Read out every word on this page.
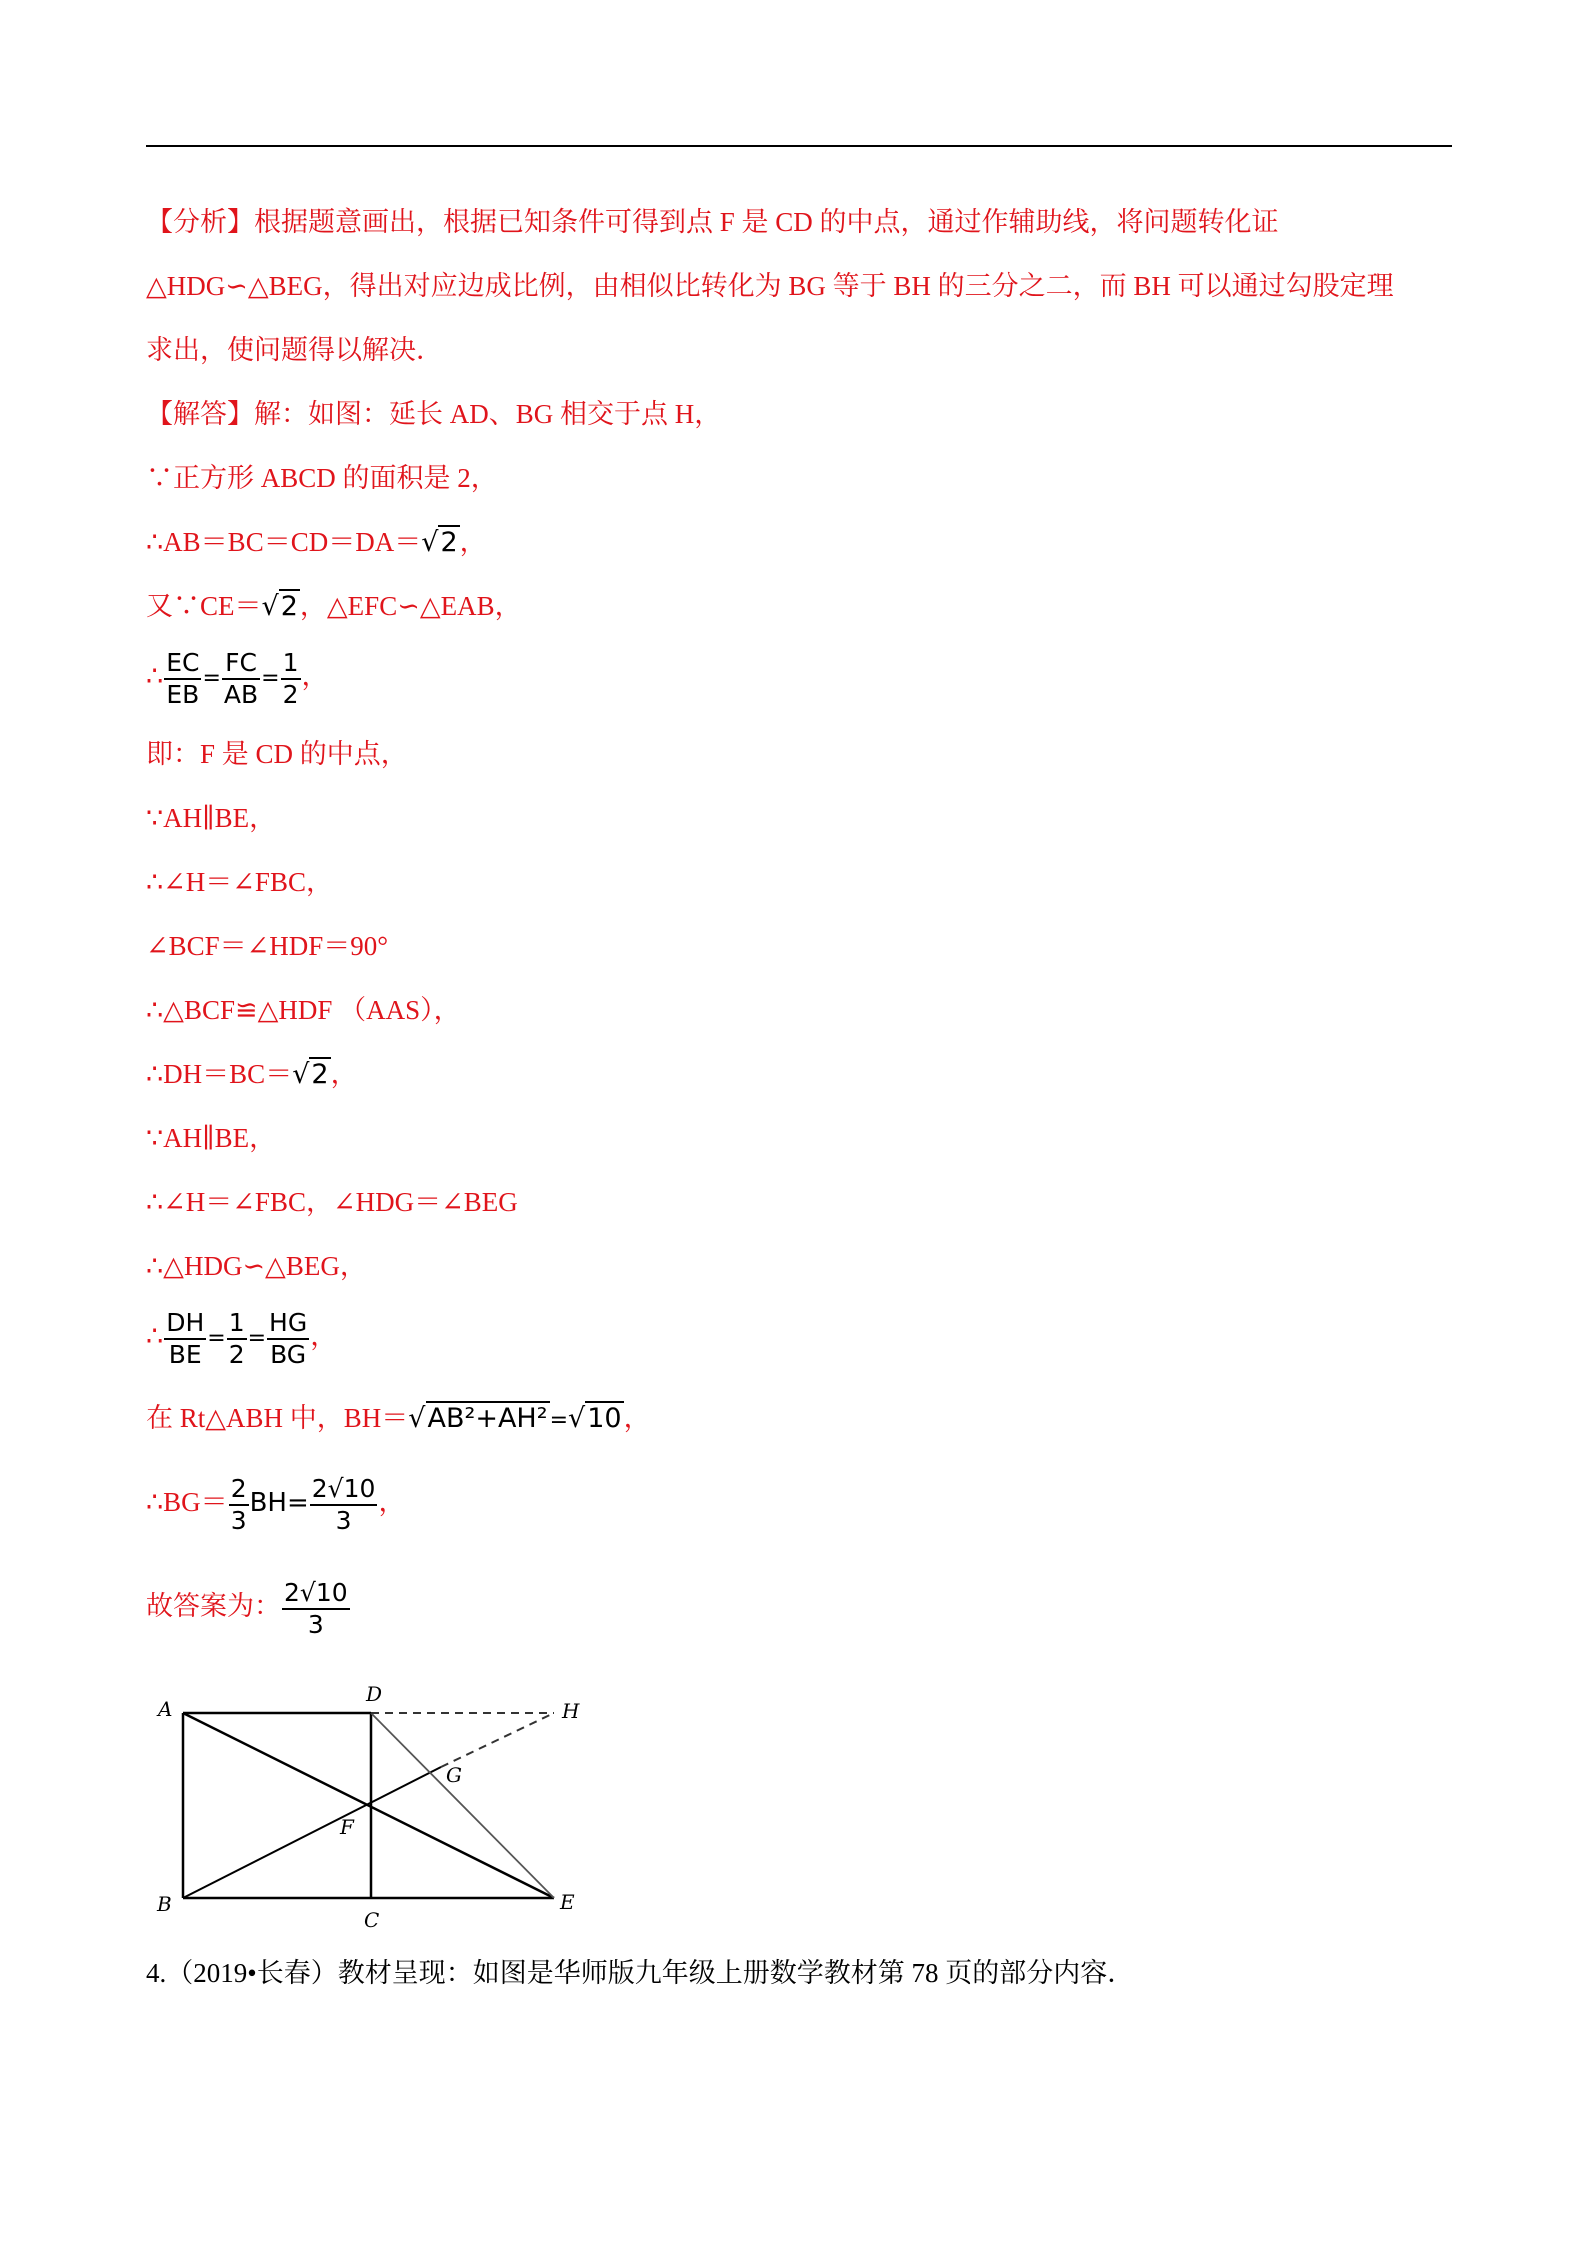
【分析】根据题意画出，根据已知条件可得到点 F 是 CD 的中点，通过作辅助线，将问题转化证
△HDG∽△BEG，得出对应边成比例，由相似比转化为 BG 等于 BH 的三分之二，而 BH 可以通过勾股定理
求出，使问题得以解决．
【解答】解：如图：延长 AD、BG 相交于点 H，
∵正方形 ABCD 的面积是 2，
∴AB＝BC＝CD＝DA＝√2，
又∵CE＝√2，△EFC∽△EAB，
∴ $\frac{EC}{EB} = \frac{FC}{AB} = \frac{1}{2}$ ，
即：F 是 CD 的中点，
∵AH∥BE，
∴∠H＝∠FBC，
∠BCF＝∠HDF＝90°
∴△BCF≌△HDF （AAS），
∴DH＝BC＝√2，
∵AH∥BE，
∴∠H＝∠FBC，∠HDG＝∠BEG
∴△HDG∽△BEG，
∴ $\frac{DH}{BE} = \frac{1}{2} = \frac{HG}{BG}$ ，
在 Rt△ABH 中，BH＝√AB²+AH²=√10，
∴BG＝ $\frac{2}{3} BH= \frac{2√10}{3}$ ，
故答案为： $\frac{2√10}{3}$
A
D
H
G
F
B
C
E
4.（2019•长春）教材呈现：如图是华师版九年级上册数学教材第 78 页的部分内容．
